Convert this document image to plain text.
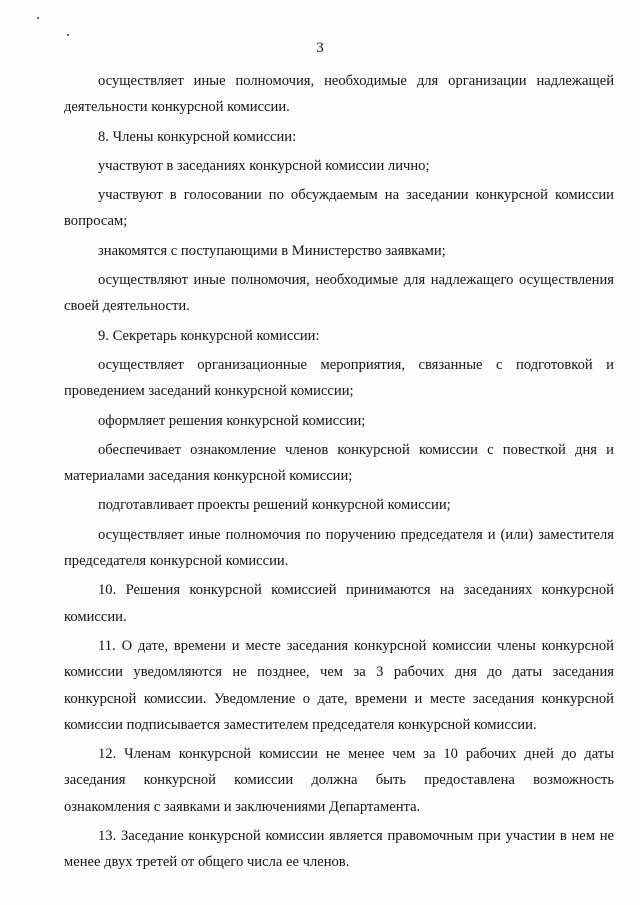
3

осуществляет иные полномочия, необходимые для организации надлежащей деятельности конкурсной комиссии.

8. Члены конкурсной комиссии:

участвуют в заседаниях конкурсной комиссии лично;

участвуют в голосовании по обсуждаемым на заседании конкурсной комиссии вопросам;

знакомятся с поступающими в Министерство заявками;

осуществляют иные полномочия, необходимые для надлежащего осуществления своей деятельности.

9. Секретарь конкурсной комиссии:

осуществляет организационные мероприятия, связанные с подготовкой и проведением заседаний конкурсной комиссии;

оформляет решения конкурсной комиссии;

обеспечивает ознакомление членов конкурсной комиссии с повесткой дня и материалами заседания конкурсной комиссии;

подготавливает проекты решений конкурсной комиссии;

осуществляет иные полномочия по поручению председателя и (или) заместителя председателя конкурсной комиссии.

10. Решения конкурсной комиссией принимаются на заседаниях конкурсной комиссии.

11. О дате, времени и месте заседания конкурсной комиссии члены конкурсной комиссии уведомляются не позднее, чем за 3 рабочих дня до даты заседания конкурсной комиссии. Уведомление о дате, времени и месте заседания конкурсной комиссии подписывается заместителем председателя конкурсной комиссии.

12. Членам конкурсной комиссии не менее чем за 10 рабочих дней до даты заседания конкурсной комиссии должна быть предоставлена возможность ознакомления с заявками и заключениями Департамента.

13. Заседание конкурсной комиссии является правомочным при участии в нем не менее двух третей от общего числа ее членов.
